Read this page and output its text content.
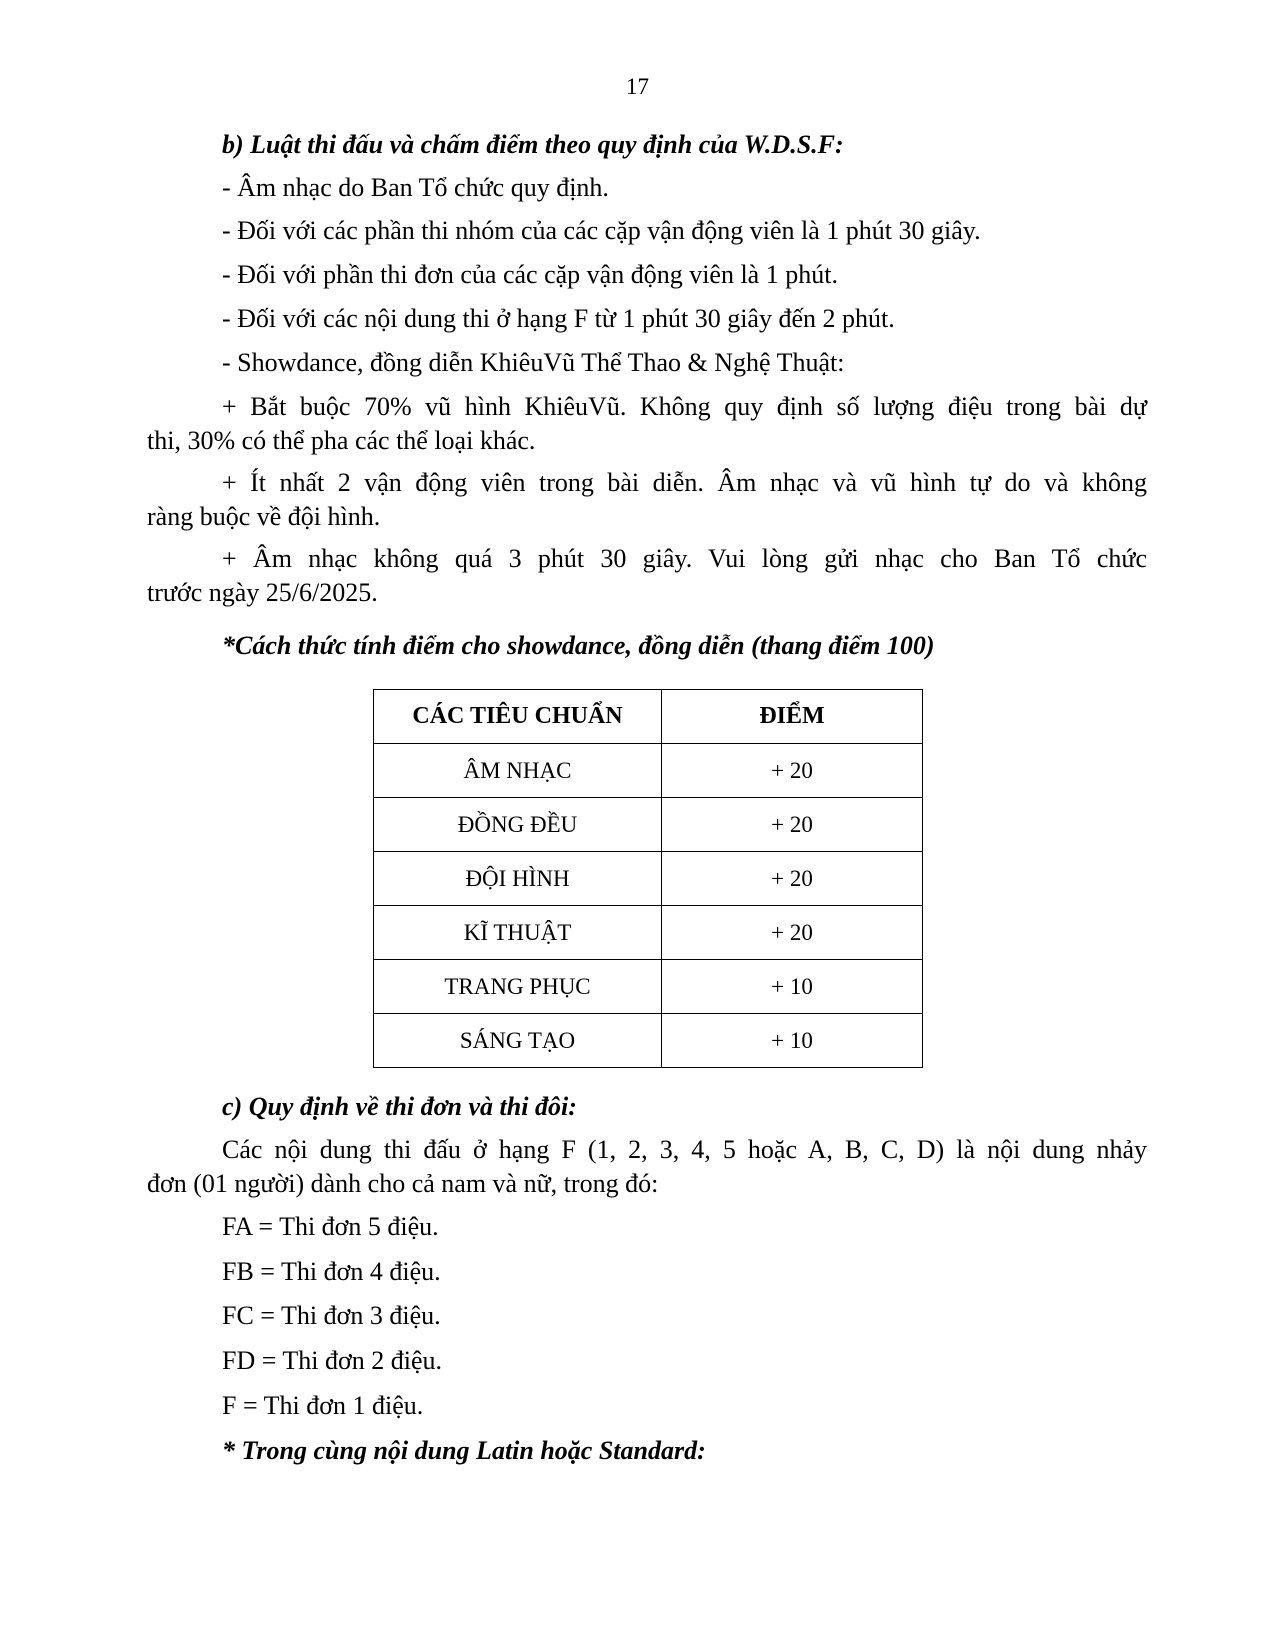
17
b) Luật thi đấu và chấm điểm theo quy định của W.D.S.F:
- Âm nhạc do Ban Tổ chức quy định.
- Đối với các phần thi nhóm của các cặp vận động viên là 1 phút 30 giây.
- Đối với phần thi đơn của các cặp vận động viên là 1 phút.
- Đối với các nội dung thi ở hạng F từ 1 phút 30 giây đến 2 phút.
- Showdance, đồng diễn KhiêuVũ Thể Thao & Nghệ Thuật:
+ Bắt buộc 70% vũ hình KhiêuVũ. Không quy định số lượng điệu trong bài dự
thi, 30% có thể pha các thể loại khác.
+ Ít nhất 2 vận động viên trong bài diễn. Âm nhạc và vũ hình tự do và không
ràng buộc về đội hình.
+ Âm nhạc không quá 3 phút 30 giây. Vui lòng gửi nhạc cho Ban Tổ chức
trước ngày 25/6/2025.
*Cách thức tính điểm cho showdance, đồng diễn (thang điểm 100)
CÁC TIÊU CHUẨN	ĐIỂM
ÂM NHẠC	+ 20
ĐỒNG ĐỀU	+ 20
ĐỘI HÌNH	+ 20
KĨ THUẬT	+ 20
TRANG PHỤC	+ 10
SÁNG TẠO	+ 10
c) Quy định về thi đơn và thi đôi:
Các nội dung thi đấu ở hạng F (1, 2, 3, 4, 5 hoặc A, B, C, D) là nội dung nhảy
đơn (01 người) dành cho cả nam và nữ, trong đó:
FA = Thi đơn 5 điệu.
FB = Thi đơn 4 điệu.
FC = Thi đơn 3 điệu.
FD = Thi đơn 2 điệu.
F = Thi đơn 1 điệu.
* Trong cùng nội dung Latin hoặc Standard:
